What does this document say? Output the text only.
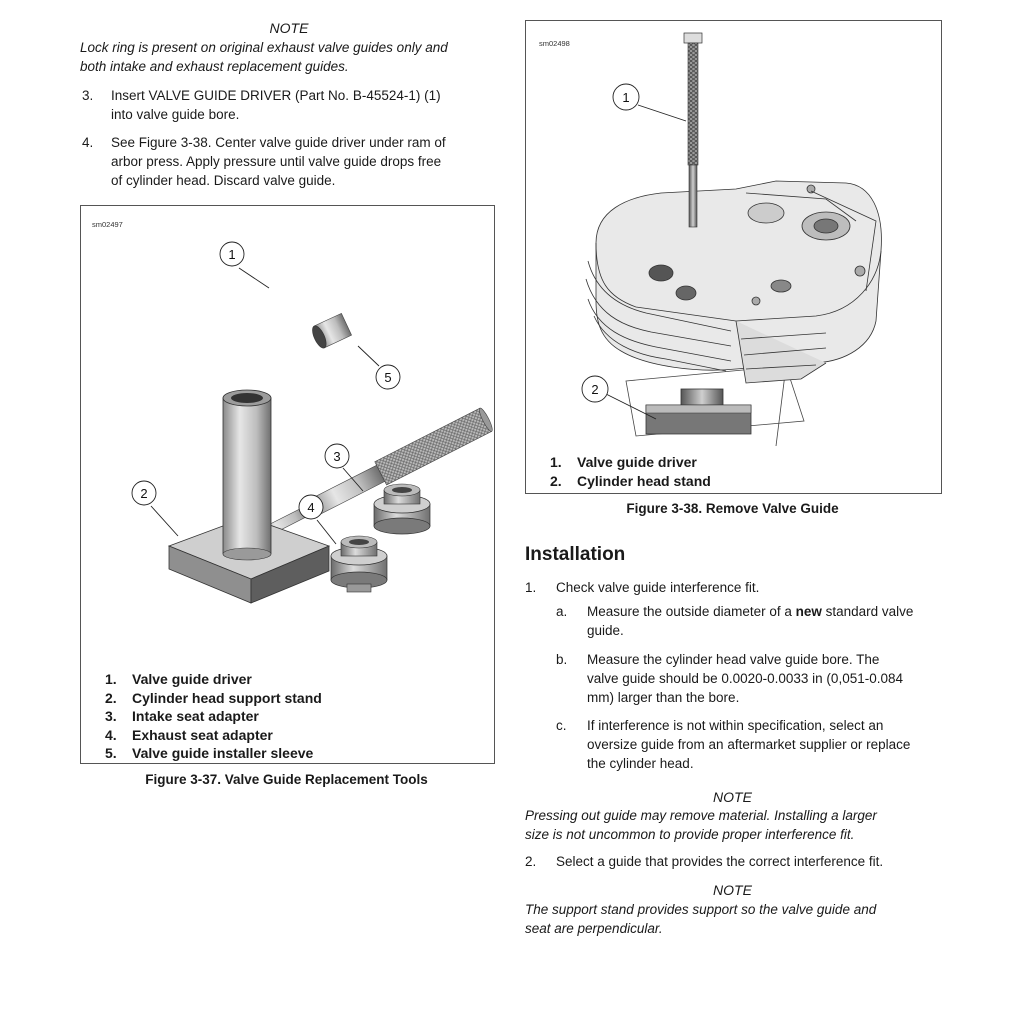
NOTE
Lock ring is present on original exhaust valve guides only and
both intake and exhaust replacement guides.
3. Insert VALVE GUIDE DRIVER (Part No. B-45524-1) (1)
into valve guide bore.
4. See Figure 3-38. Center valve guide driver under ram of
arbor press. Apply pressure until valve guide drops free
of cylinder head. Discard valve guide.
sm02497
1
2
3
4
5
1. Valve guide driver
2. Cylinder head support stand
3. Intake seat adapter
4. Exhaust seat adapter
5. Valve guide installer sleeve
Figure 3-37. Valve Guide Replacement Tools
sm02498
1
2
1. Valve guide driver
2. Cylinder head stand
Figure 3-38. Remove Valve Guide
Installation
1. Check valve guide interference fit.
a. Measure the outside diameter of a new standard valve
guide.
b. Measure the cylinder head valve guide bore. The
valve guide should be 0.0020-0.0033 in (0,051-0.084
mm) larger than the bore.
c. If interference is not within specification, select an
oversize guide from an aftermarket supplier or replace
the cylinder head.
NOTE
Pressing out guide may remove material. Installing a larger
size is not uncommon to provide proper interference fit.
2. Select a guide that provides the correct interference fit.
NOTE
The support stand provides support so the valve guide and
seat are perpendicular.
